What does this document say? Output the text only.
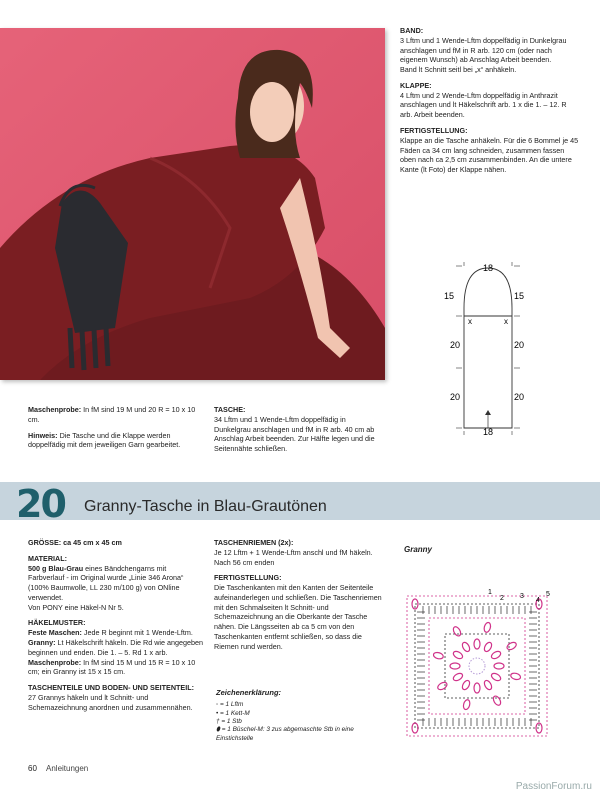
BAND:

3 Lftm und 1 Wende-Lftm doppelfädig in Dunkelgrau anschlagen und fM in R arb. 120 cm (oder nach eigenem Wunsch) ab Anschlag Arbeit beenden.

Band lt Schnitt seitl bei „x“ anhäkeln.

KLAPPE:

4 Lftm und 2 Wende-Lftm doppelfädig in Anthrazit anschlagen und lt Häkelschrift arb. 1 x die 1. – 12. R arb. Arbeit beenden.

FERTIGSTELLUNG:

Klappe an die Tasche anhäkeln. Für die 6 Bommel je 45 Fäden ca 34 cm lang schneiden, zusammen fassen oben nach ca 2,5 cm zusammenbinden. An die untere Kante (lt Foto) der Klappe nähen.

18
15	15
20	20
20	20
18
x	x

Maschenprobe: In fM sind 19 M und 20 R = 10 x 10 cm.

Hinweis: Die Tasche und die Klappe werden doppelfädig mit dem jeweiligen Garn gearbeitet.

TASCHE:

34 Lftm und 1 Wende-Lftm doppelfädig in Dunkelgrau anschlagen und fM in R arb. 40 cm ab Anschlag Arbeit beenden. Zur Hälfte legen und die Seitennähte schließen.

20 Granny-Tasche in Blau-Grautönen

GRÖSSE: ca 45 cm x 45 cm

MATERIAL:

500 g Blau-Grau eines Bändchengarns mit Farbverlauf - im Original wurde „Linie 346 Arona“ (100% Baumwolle, LL 230 m/100 g) von ONline verwendet.

Von PONY eine Häkel-N Nr 5.

HÄKELMUSTER:

Feste Maschen: Jede R beginnt mit 1 Wende-Lftm.

Granny: Lt Häkelschrift häkeln. Die Rd wie angegeben beginnen und enden. Die 1. – 5. Rd 1 x arb.

Maschenprobe: In fM sind 15 M und 15 R = 10 x 10 cm; ein Granny ist 15 x 15 cm.

TASCHENTEILE UND BODEN- UND SEITENTEIL:

27 Grannys häkeln und lt Schnitt- und Schemazeichnung anordnen und zusammennähen.

TASCHENRIEMEN (2x):

Je 12 Lftm + 1 Wende-Lftm anschl und fM häkeln. Nach 56 cm enden

FERTIGSTELLUNG:

Die Taschenkanten mit den Kanten der Seitenteile aufeinanderlegen und schließen. Die Taschenriemen mit den Schmalseiten lt Schnitt- und Schemazeichnung an die Oberkante der Tasche nähen. Die Längsseiten ab ca 5 cm von den Taschenkanten entfernt schließen, so dass die Riemen rund werden.

Zeichenerklärung:

◦ = 1 Lftm
• = 1 Kett-M
† = 1 Stb
⬮ = 1 Büschel-M: 3 zus abgemaschte Stb in eine Einstichstelle
Granny
1
2 3
4
5
60 Anleitungen
PassionForum.ru
